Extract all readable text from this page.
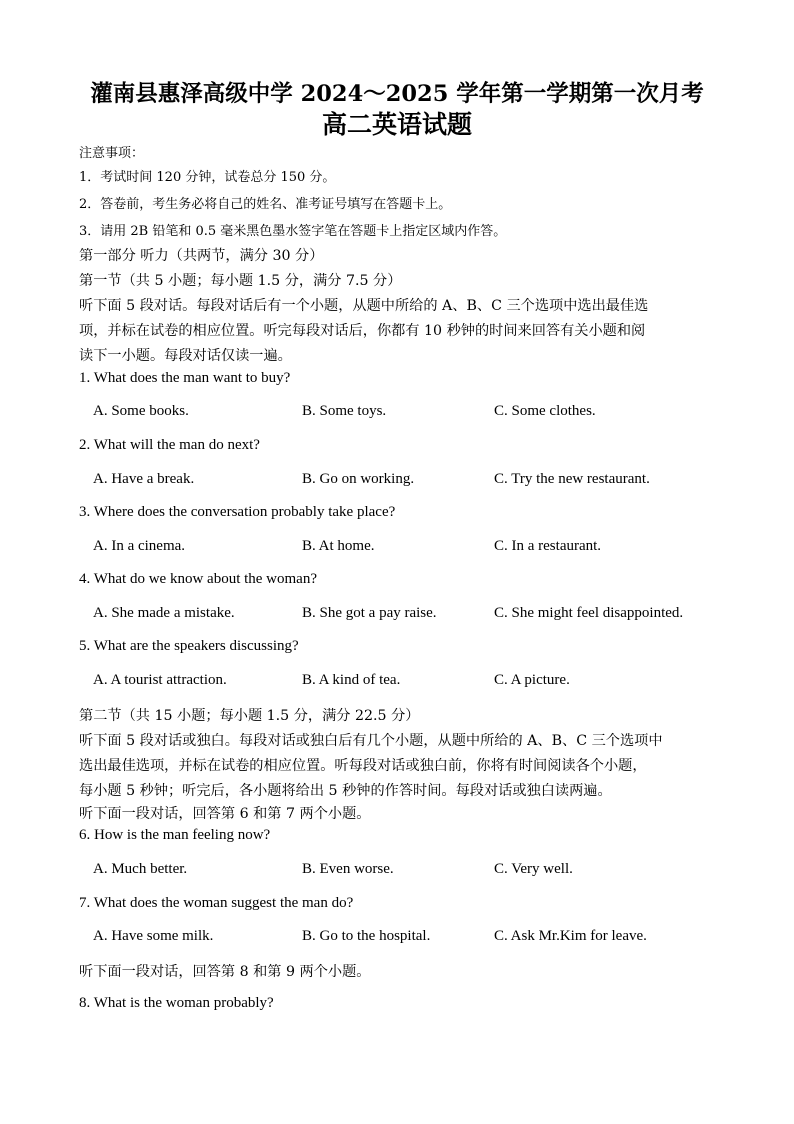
灌南县惠泽高级中学 2024～2025 学年第一学期第一次月考
高二英语试题
注意事项：
1．考试时间 120 分钟，试卷总分 150 分。
2．答卷前，考生务必将自己的姓名、准考证号填写在答题卡上。
3．请用 2B 铅笔和 0.5 毫米黑色墨水签字笔在答题卡上指定区域内作答。
第一部分 听力（共两节，满分 30 分）
第一节（共 5 小题；每小题 1.5 分，满分 7.5 分）
听下面 5 段对话。每段对话后有一个小题，从题中所给的 A、B、C 三个选项中选出最佳选
项，并标在试卷的相应位置。听完每段对话后，你都有 10 秒钟的时间来回答有关小题和阅
读下一小题。每段对话仅读一遍。
1. What does the man want to buy?
A. Some books.	B. Some toys.	C. Some clothes.
2. What will the man do next?
A. Have a break.	B. Go on working.	C. Try the new restaurant.
3. Where does the conversation probably take place?
A. In a cinema.	B. At home.	C. In a restaurant.
4. What do we know about the woman?
A. She made a mistake.	B. She got a pay raise.	C. She might feel disappointed.
5. What are the speakers discussing?
A. A tourist attraction.	B. A kind of tea.	C. A picture.
第二节（共 15 小题；每小题 1.5 分，满分 22.5 分）
听下面 5 段对话或独白。每段对话或独白后有几个小题，从题中所给的 A、B、C 三个选项中
选出最佳选项，并标在试卷的相应位置。听每段对话或独白前，你将有时间阅读各个小题，
每小题 5 秒钟；听完后，各小题将给出 5 秒钟的作答时间。每段对话或独白读两遍。
听下面一段对话，回答第 6 和第 7 两个小题。
6. How is the man feeling now?
A. Much better.	B. Even worse.	C. Very well.
7. What does the woman suggest the man do?
A. Have some milk.	B. Go to the hospital.	C. Ask Mr.Kim for leave.
听下面一段对话，回答第 8 和第 9 两个小题。
8. What is the woman probably?
